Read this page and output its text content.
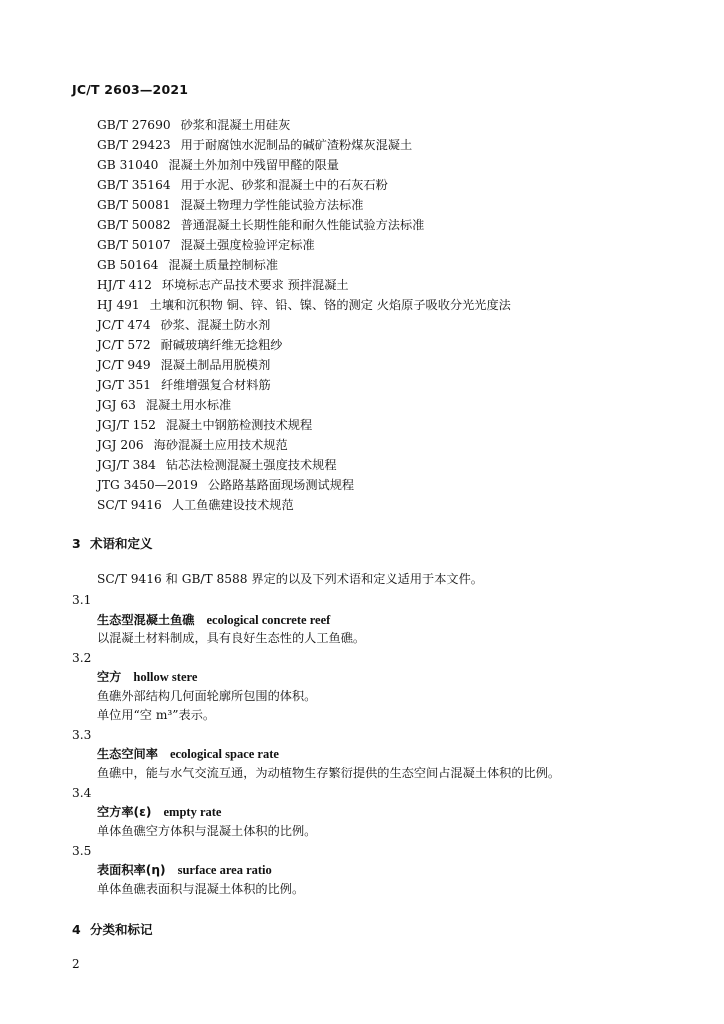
JC/T 2603—2021
GB/T 27690 砂浆和混凝土用硅灰
GB/T 29423 用于耐腐蚀水泥制品的碱矿渣粉煤灰混凝土
GB 31040 混凝土外加剂中残留甲醛的限量
GB/T 35164 用于水泥、砂浆和混凝土中的石灰石粉
GB/T 50081 混凝土物理力学性能试验方法标准
GB/T 50082 普通混凝土长期性能和耐久性能试验方法标准
GB/T 50107 混凝土强度检验评定标准
GB 50164 混凝土质量控制标准
HJ/T 412 环境标志产品技术要求 预拌混凝土
HJ 491 土壤和沉积物 铜、锌、铅、镍、铬的测定 火焰原子吸收分光光度法
JC/T 474 砂浆、混凝土防水剂
JC/T 572 耐碱玻璃纤维无捻粗纱
JC/T 949 混凝土制品用脱模剂
JG/T 351 纤维增强复合材料筋
JGJ 63 混凝土用水标准
JGJ/T 152 混凝土中钢筋检测技术规程
JGJ 206 海砂混凝土应用技术规范
JGJ/T 384 钻芯法检测混凝土强度技术规程
JTG 3450—2019 公路路基路面现场测试规程
SC/T 9416 人工鱼礁建设技术规范
3 术语和定义
SC/T 9416 和 GB/T 8588 界定的以及下列术语和定义适用于本文件。
3.1
生态型混凝土鱼礁 ecological concrete reef
以混凝土材料制成，具有良好生态性的人工鱼礁。
3.2
空方 hollow stere
鱼礁外部结构几何面轮廓所包围的体积。
单位用“空 m³”表示。
3.3
生态空间率 ecological space rate
鱼礁中，能与水气交流互通，为动植物生存繁衍提供的生态空间占混凝土体积的比例。
3.4
空方率(ε) empty rate
单体鱼礁空方体积与混凝土体积的比例。
3.5
表面积率(η) surface area ratio
单体鱼礁表面积与混凝土体积的比例。
4 分类和标记
2
